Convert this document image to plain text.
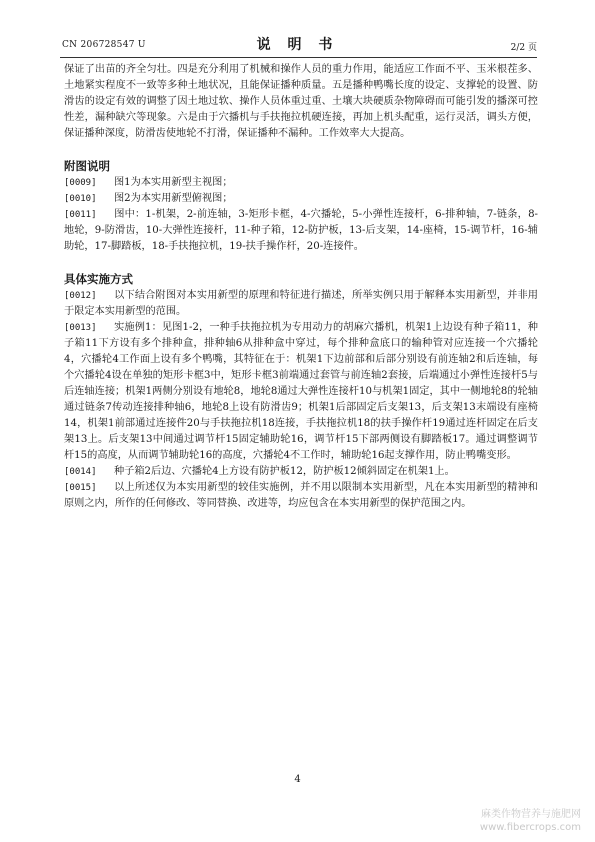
CN 206728547 U	说 明 书	2/2 页

保证了出苗的齐全匀壮。四是充分利用了机械和操作人员的重力作用，能适应工作面不平、玉米根茬多、土地紧实程度不一致等多种土地状况，且能保证播种质量。五是播种鸭嘴长度的设定、支撑轮的设置、防滑齿的设定有效的调整了因土地过软、操作人员体重过重、土壤大块硬质杂物障碍而可能引发的播深可控性差，漏种缺穴等现象。六是由于穴播机与手扶拖拉机硬连接，再加上机头配重，运行灵活，调头方便，保证播种深度，防滑齿使地轮不打滑，保证播种不漏种。工作效率大大提高。

附图说明

[0009] 图1为本实用新型主视图；

[0010] 图2为本实用新型俯视图；

[0011] 图中：1-机架，2-前连轴，3-矩形卡框，4-穴播轮，5-小弹性连接杆，6-排种轴，7-链条，8-地轮，9-防滑齿，10-大弹性连接杆，11-种子箱，12-防护板，13-后支架，14-座椅，15-调节杆，16-辅助轮，17-脚踏板，18-手扶拖拉机，19-扶手操作杆，20-连接件。

具体实施方式

[0012] 以下结合附图对本实用新型的原理和特征进行描述，所举实例只用于解释本实用新型，并非用于限定本实用新型的范围。

[0013] 实施例1：见图1-2，一种手扶拖拉机为专用动力的胡麻穴播机，机架1上边设有种子箱11，种子箱11下方设有多个排种盒，排种轴6从排种盒中穿过，每个排种盒底口的输种管对应连接一个穴播轮4，穴播轮4工作面上设有多个鸭嘴，其特征在于：机架1下边前部和后部分别设有前连轴2和后连轴，每个穴播轮4设在单独的矩形卡框3中，矩形卡框3前端通过套管与前连轴2套接，后端通过小弹性连接杆5与后连轴连接；机架1两侧分别设有地轮8，地轮8通过大弹性连接杆10与机架1固定，其中一侧地轮8的轮轴通过链条7传动连接排种轴6，地轮8上设有防滑齿9；机架1后部固定后支架13，后支架13末端设有座椅14，机架1前部通过连接件20与手扶拖拉机18连接，手扶拖拉机18的扶手操作杆19通过连杆固定在后支架13上。后支架13中间通过调节杆15固定辅助轮16，调节杆15下部两侧设有脚踏板17。通过调整调节杆15的高度，从而调节辅助轮16的高度，穴播轮4不工作时，辅助轮16起支撑作用，防止鸭嘴变形。

[0014] 种子箱2后边、穴播轮4上方设有防护板12，防护板12倾斜固定在机架1上。

[0015] 以上所述仅为本实用新型的较佳实施例，并不用以限制本实用新型，凡在本实用新型的精神和原则之内，所作的任何修改、等同替换、改进等，均应包含在本实用新型的保护范围之内。

4
麻类作物营养与施肥网
www.fibercrops.com
